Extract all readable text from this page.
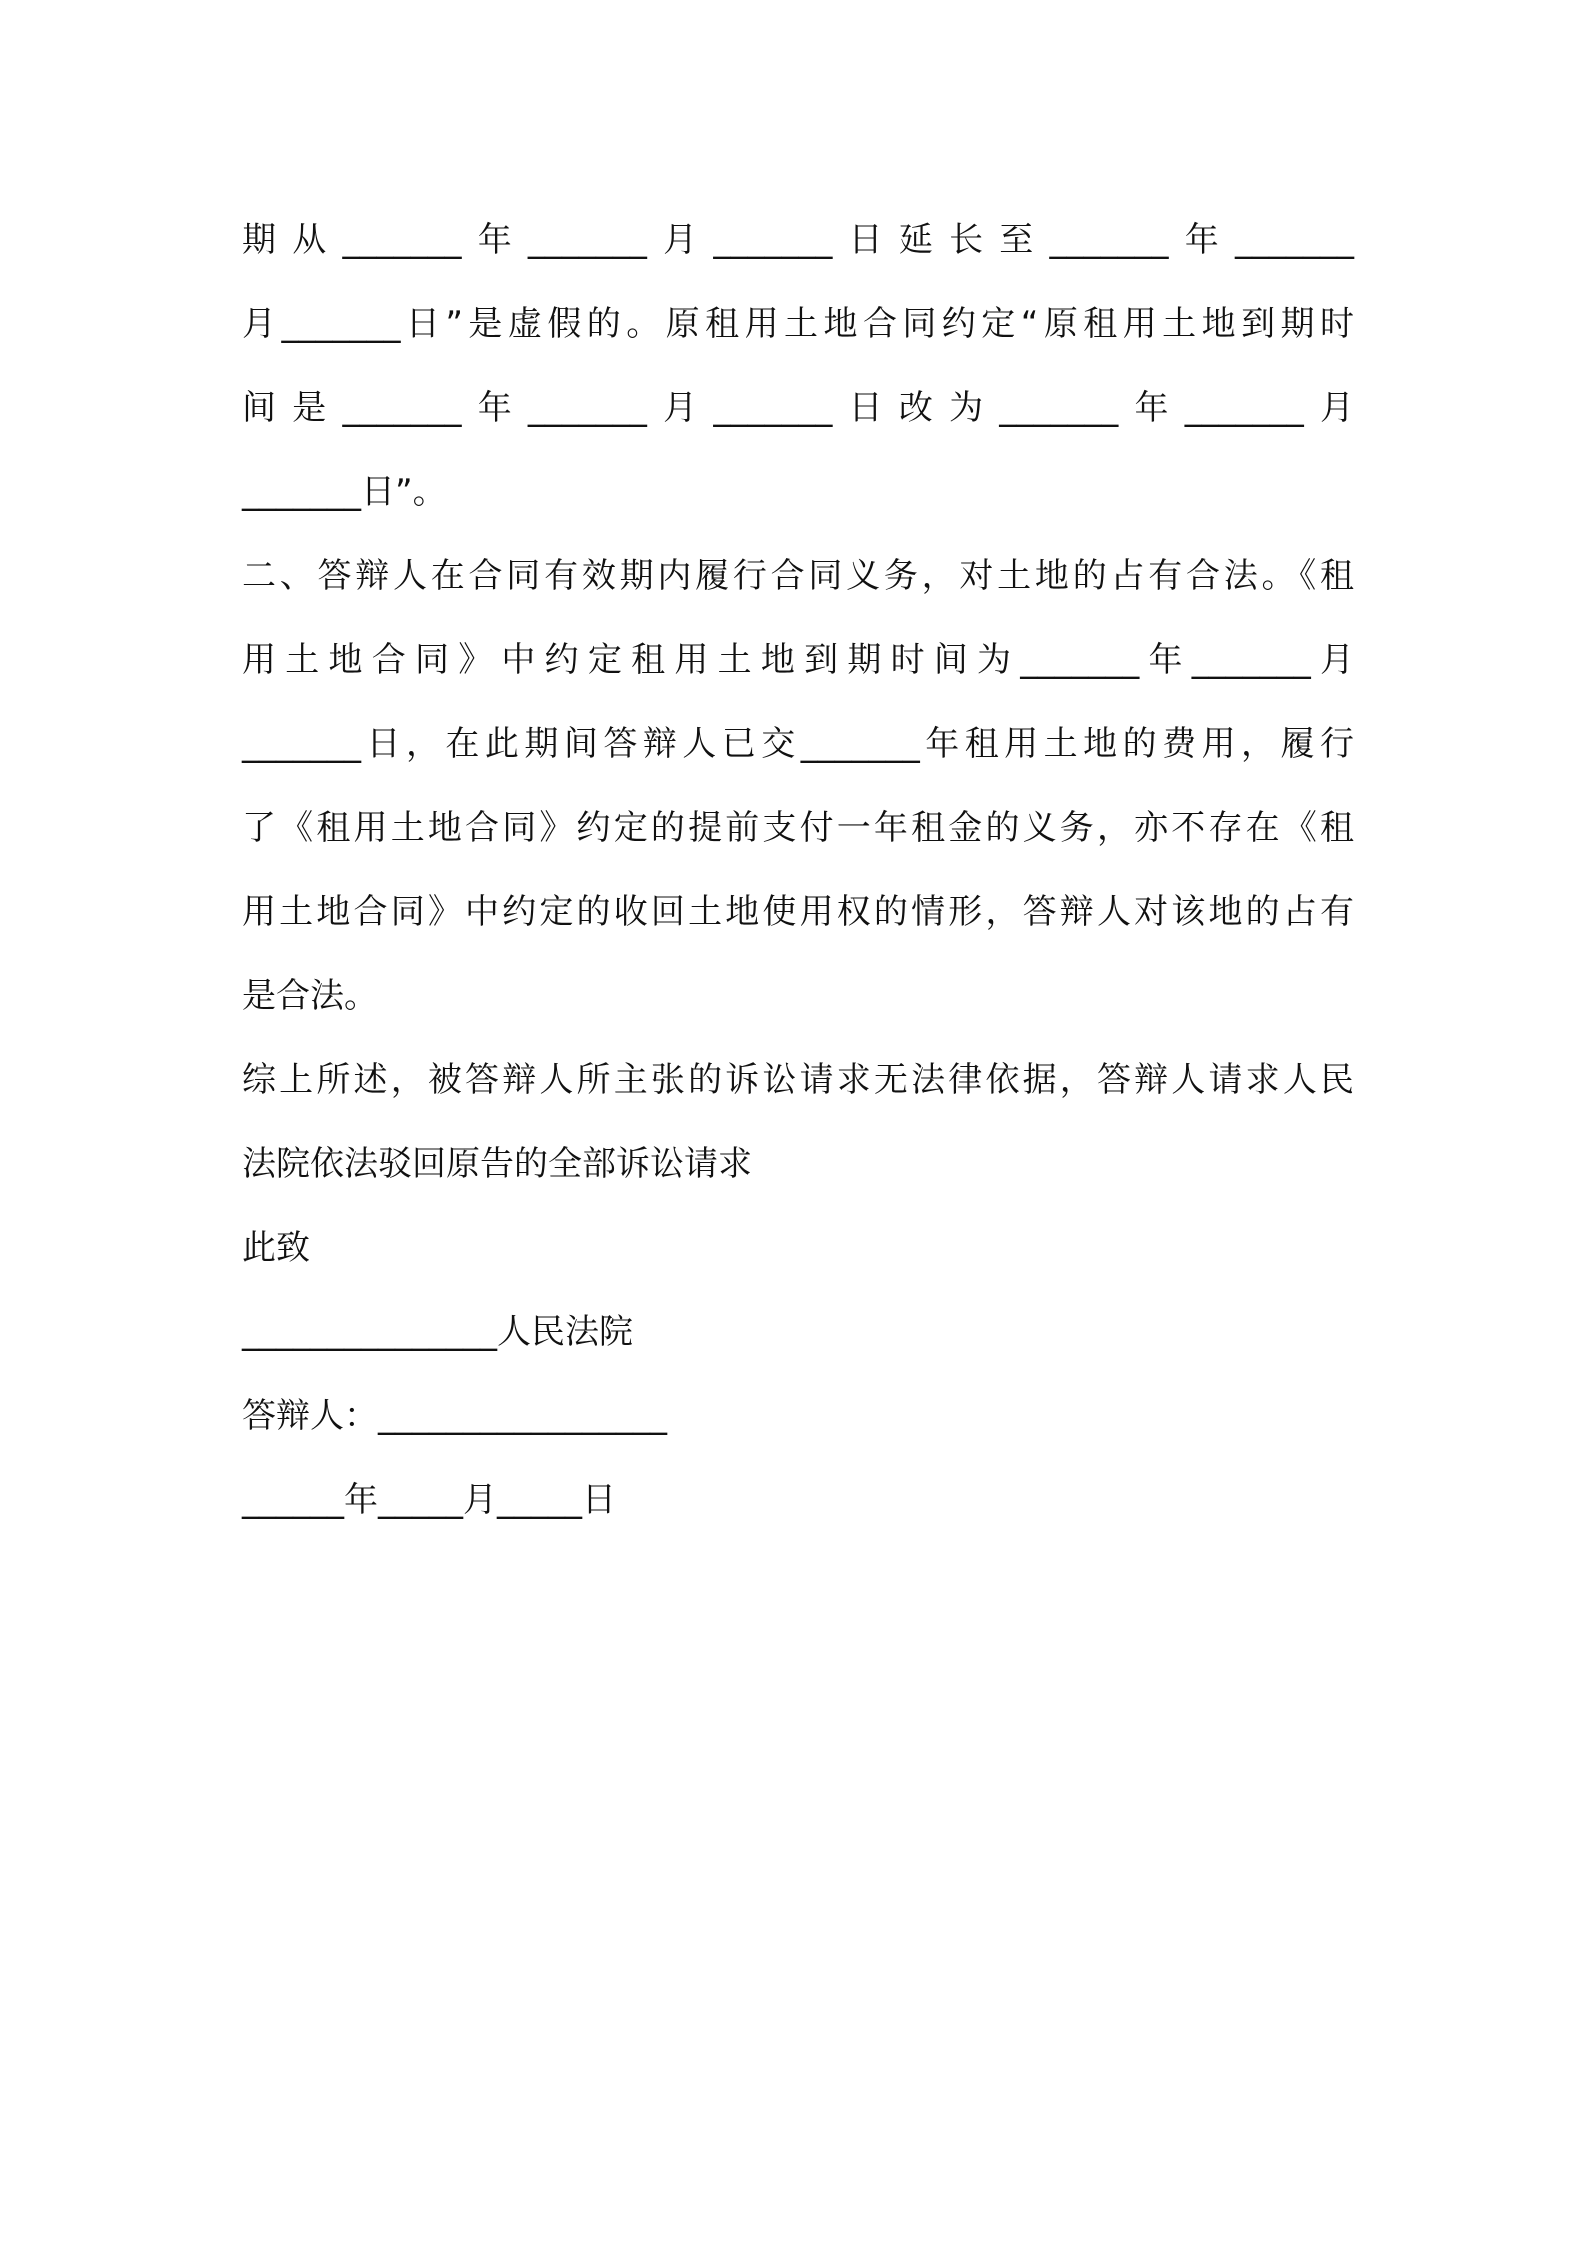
期从_______年_______月_______日延长至_______年_______
月_______日”是虚假的。原租用土地合同约定“原租用土地到期时
间是_______年_______月_______日改为_______年_______月
_______日”。
二、答辩人在合同有效期内履行合同义务，对土地的占有合法。《租
用土地合同》中约定租用土地到期时间为_______年_______月
_______日，在此期间答辩人已交_______年租用土地的费用，履行
了《租用土地合同》约定的提前支付一年租金的义务，亦不存在《租
用土地合同》中约定的收回土地使用权的情形，答辩人对该地的占有
是合法。
综上所述，被答辩人所主张的诉讼请求无法律依据，答辩人请求人民
法院依法驳回原告的全部诉讼请求
此致
_______________人民法院
答辩人：_________________
______年_____月_____日
